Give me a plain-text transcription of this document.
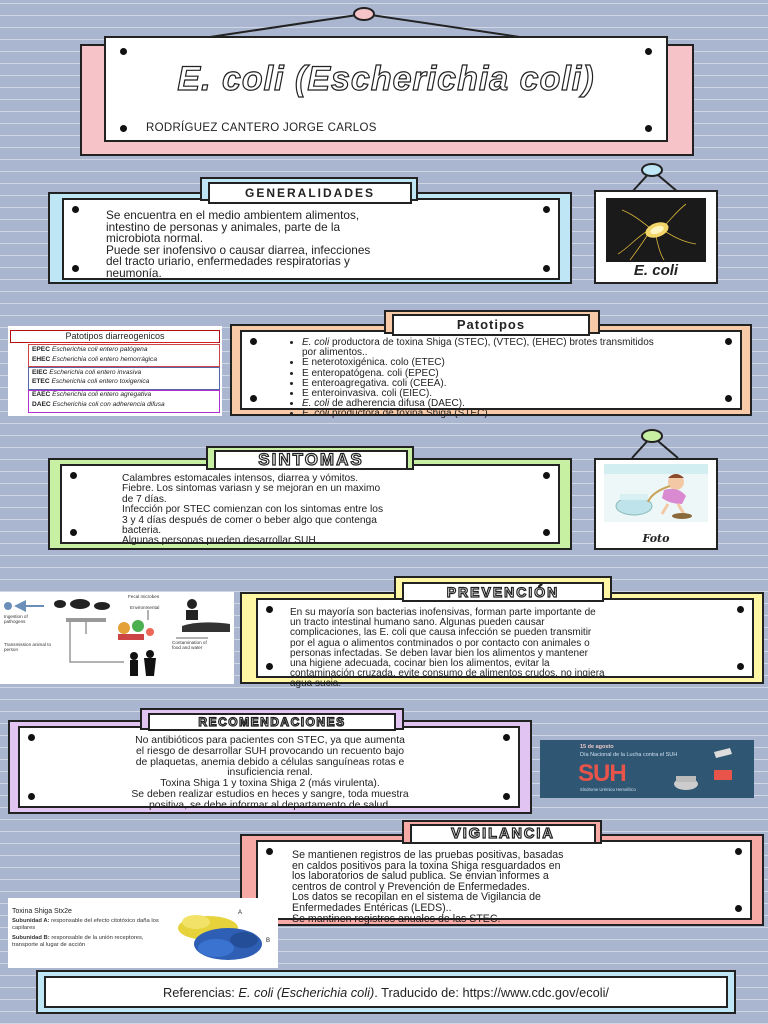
E. coli (Escherichia coli)
RODRÍGUEZ CANTERO JORGE CARLOS
Se encuentra en el medio ambientem alimentos,
intestino de personas y animales, parte de la
microbiota normal.
Puede ser inofensivo o causar diarrea, infecciones
del tracto uriario, enfermedades respiratorias y
neumonía.
GENERALIDADES
E. coli
Patotipos diarreogenicos
EPEC Escherichia coli entero patógena
EHEC Escherichia coli entero hemorrágica
EIEC Escherichia coli entero invasiva
ETEC Escherichia coli entero toxigenica
EAEC Escherichia coli entero agregativa
DAEC Escherichia coli con adherencia difusa
• E. coli productora de toxina Shiga (STEC), (VTEC), (EHEC) brotes transmitidos por alimentos..
• E neterotoxigénica. colo (ETEC)
• E enteropatógena. coli (EPEC)
• E enteroagregativa. coli (CEEA).
• E enteroinvasiva. coli (EIEC).
• E. coli de adherencia difusa (DAEC).
• E. coli productora de toxina Shiga (STEC).
Patotipos
Calambres estomacales intensos, diarrea y vómitos.
Fiebre. Los sintomas variasn y se mejoran en un maximo
de 7 días.
Infección por STEC comienzan con los sintomas entre los
3 y 4 días después de comer o beber algo que contenga
bacteria.
Algunas personas pueden desarrollar SUH.
SINTOMAS
Foto
Ingestion of pathogens
Fecal microbes
Environmental
Transmission animal to person
Contamination of food and water
En su mayoría son bacterias inofensivas, forman parte importante de
un tracto intestinal humano sano. Algunas pueden causar
complicaciones, las E. coli que causa infección se pueden transmitir
por el agua o alimentos contminados o por contacto con animales o
personas infectadas. Se deben lavar bien los alimentos y mantener
una higiene adecuada, cocinar bien los alimentos, evitar la
contaminación cruzada, evite consumo de alimentos crudos, no ingiera
agua sucia.
PREVENCIÓN
No antibióticos para pacientes con STEC, ya que aumenta
el riesgo de desarrollar SUH provocando un recuento bajo
de plaquetas, anemia debido a células sanguíneas rotas e
insuficiencia renal.
Toxina Shiga 1 y toxina Shiga 2 (más virulenta).
Se deben realizar estudios en heces y sangre, toda muestra
positiva, se debe informar al departamento de salud.
RECOMENDACIONES
15 de agosto
Día Nacional de la Lucha contra el SUH
SUH
Síndrome Urémico Hemolítico
Se mantienen registros de las pruebas positivas, basadas
en caldos positivos para la toxina Shiga resguardados en
los laboratorios de salud publica. Se envian informes a
centros de control y Prevención de Enfermedades.
Los datos se recopilan en el sistema de Vigilancia de
Enfermedades Entéricas (LEDS)..
Se mantinen registros anuales de las STEC.
VIGILANCIA
Toxina Shiga Stx2e
Subunidad A: responsable del efecto citotóxico daña los capilares
Subunidad B: responsable de la unión receptores, transporte al lugar de acción
A
B
Referencias: E. coli (Escherichia coli). Traducido de: https://www.cdc.gov/ecoli/
